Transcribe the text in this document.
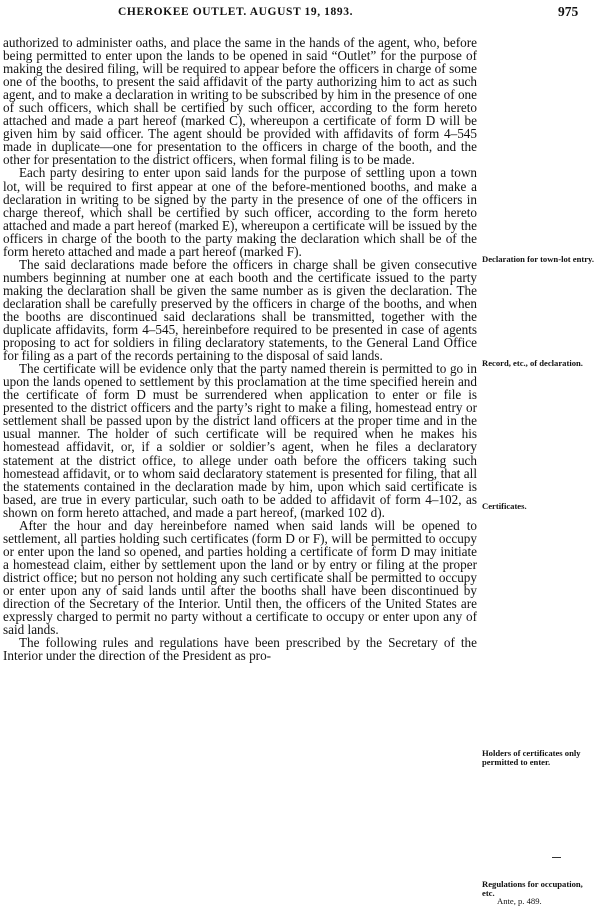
CHEROKEE OUTLET. AUGUST 19, 1893.	975

authorized to administer oaths, and place the same in the hands of the agent, who, before being permitted to enter upon the lands to be opened in said “Outlet” for the purpose of making the desired filing, will be required to appear before the officers in charge of some one of the booths, to present the said affidavit of the party authorizing him to act as such agent, and to make a declaration in writing to be subscribed by him in the presence of one of such officers, which shall be certified by such officer, according to the form hereto attached and made a part hereof (marked C), whereupon a certificate of form D will be given him by said officer. The agent should be provided with affidavits of form 4–545 made in duplicate—one for presentation to the officers in charge of the booth, and the other for presentation to the district officers, when formal filing is to be made.

Each party desiring to enter upon said lands for the purpose of settling upon a town lot, will be required to first appear at one of the before-mentioned booths, and make a declaration in writing to be signed by the party in the presence of one of the officers in charge thereof, which shall be certified by such officer, according to the form hereto attached and made a part hereof (marked E), whereupon a certificate will be issued by the officers in charge of the booth to the party making the declaration which shall be of the form hereto attached and made a part hereof (marked F).

The said declarations made before the officers in charge shall be given consecutive numbers beginning at number one at each booth and the certificate issued to the party making the declaration shall be given the same number as is given the declaration. The declaration shall be carefully preserved by the officers in charge of the booths, and when the booths are discontinued said declarations shall be transmitted, together with the duplicate affidavits, form 4–545, hereinbefore required to be presented in case of agents proposing to act for soldiers in filing declaratory statements, to the General Land Office for filing as a part of the records pertaining to the disposal of said lands.

The certificate will be evidence only that the party named therein is permitted to go in upon the lands opened to settlement by this proclamation at the time specified herein and the certificate of form D must be surrendered when application to enter or file is presented to the district officers and the party’s right to make a filing, homestead entry or settlement shall be passed upon by the district land officers at the proper time and in the usual manner. The holder of such certificate will be required when he makes his homestead affidavit, or, if a soldier or soldier’s agent, when he files a declaratory statement at the district office, to allege under oath before the officers taking such homestead affidavit, or to whom said declaratory statement is presented for filing, that all the statements contained in the declaration made by him, upon which said certificate is based, are true in every particular, such oath to be added to affidavit of form 4–102, as shown on form hereto attached, and made a part hereof, (marked 102 d).

After the hour and day hereinbefore named when said lands will be opened to settlement, all parties holding such certificates (form D or F), will be permitted to occupy or enter upon the land so opened, and parties holding a certificate of form D may initiate a homestead claim, either by settlement upon the land or by entry or filing at the proper district office; but no person not holding any such certificate shall be permitted to occupy or enter upon any of said lands until after the booths shall have been discontinued by direction of the Secretary of the Interior. Until then, the officers of the United States are expressly charged to permit no party without a certificate to occupy or enter upon any of said lands.

The following rules and regulations have been prescribed by the Secretary of the Interior under the direction of the President as pro-

Declaration for town-lot entry.
Record, etc., of declaration.
Certificates.
Holders of certificates only permitted to enter.
Regulations for occupation, etc.
Ante, p. 489.
